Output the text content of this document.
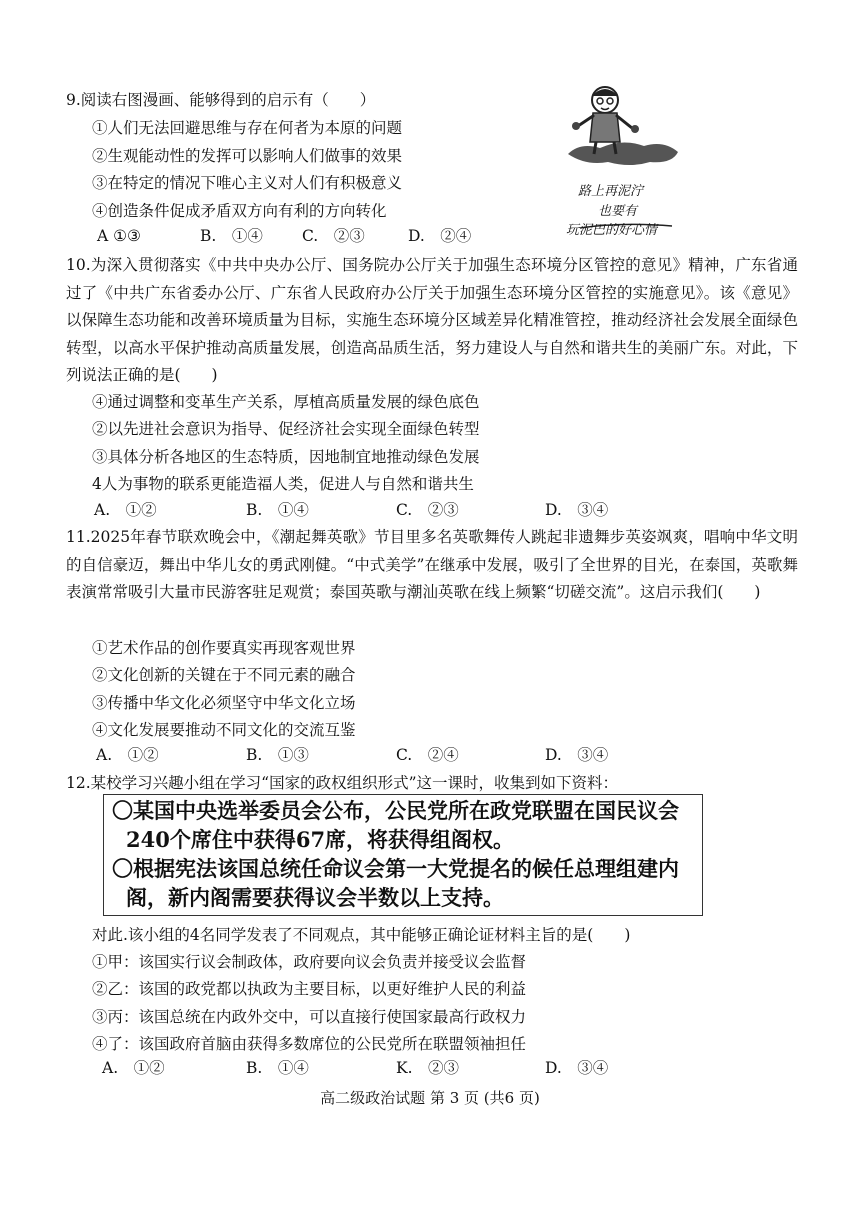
9.阅读右图漫画、能够得到的启示有（　　）
①人们无法回避思维与存在何者为本原的问题
②生观能动性的发挥可以影响人们做事的效果
③在特定的情况下唯心主义对人们有积极意义
④创造条件促成矛盾双方向有利的方向转化
A ①③	B.　①④	C.　②③	D.　②④
路上再泥泞
也要有
玩泥巴的好心情
10.为深入贯彻落实《中共中央办公厅、国务院办公厅关于加强生态环境分区管控的意见》精神，广东省通过了《中共广东省委办公厅、广东省人民政府办公厅关于加强生态环境分区管控的实施意见》。该《意见》以保障生态功能和改善环境质量为目标，实施生态环境分区域差异化精准管控，推动经济社会发展全面绿色转型，以高水平保护推动高质量发展，创造高品质生活，努力建设人与自然和谐共生的美丽广东。对此，下列说法正确的是(　　)
④通过调整和变革生产关系，厚植高质量发展的绿色底色
②以先进社会意识为指导、促经济社会实现全面绿色转型
③具体分析各地区的生态特质，因地制宜地推动绿色发展
4人为事物的联系更能造福人类，促进人与自然和谐共生
A.　①②	B.　①④	C.　②③	D.　③④
11.2025年春节联欢晚会中，《潮起舞英歌》节目里多名英歌舞传人跳起非遗舞步英姿飒爽，唱响中华文明的自信豪迈，舞出中华儿女的勇武刚健。“中式美学”在继承中发展，吸引了全世界的目光，在泰国，英歌舞表演常常吸引大量市民游客驻足观赏；泰国英歌与潮汕英歌在线上频繁“切磋交流”。这启示我们(　　)
①艺术作品的创作要真实再现客观世界
②文化创新的关键在于不同元素的融合
③传播中华文化必须坚守中华文化立场
④文化发展要推动不同文化的交流互鉴
A.　①②	B.　①③	C.　②④	D.　③④
12.某校学习兴趣小组在学习“国家的政权组织形式”这一课时，收集到如下资料：
〇某国中央选举委员会公布，公民党所在政党联盟在国民议会
240个席住中获得67席，将获得组阁权。
〇根据宪法该国总统任命议会第一大党提名的候任总理组建内
阁，新内阁需要获得议会半数以上支持。
对此.该小组的4名同学发表了不同观点，其中能够正确论证材料主旨的是(　　)
①甲：该国实行议会制政体，政府要向议会负责并接受议会监督
②乙：该国的政党都以执政为主要目标，以更好维护人民的利益
③丙：该国总统在内政外交中，可以直接行使国家最高行政权力
④了：该国政府首脑由获得多数席位的公民党所在联盟领袖担任
A.　①②	B.　①④	K.　②③	D.　③④
高二级政治试题 第 3 页 (共6 页)
